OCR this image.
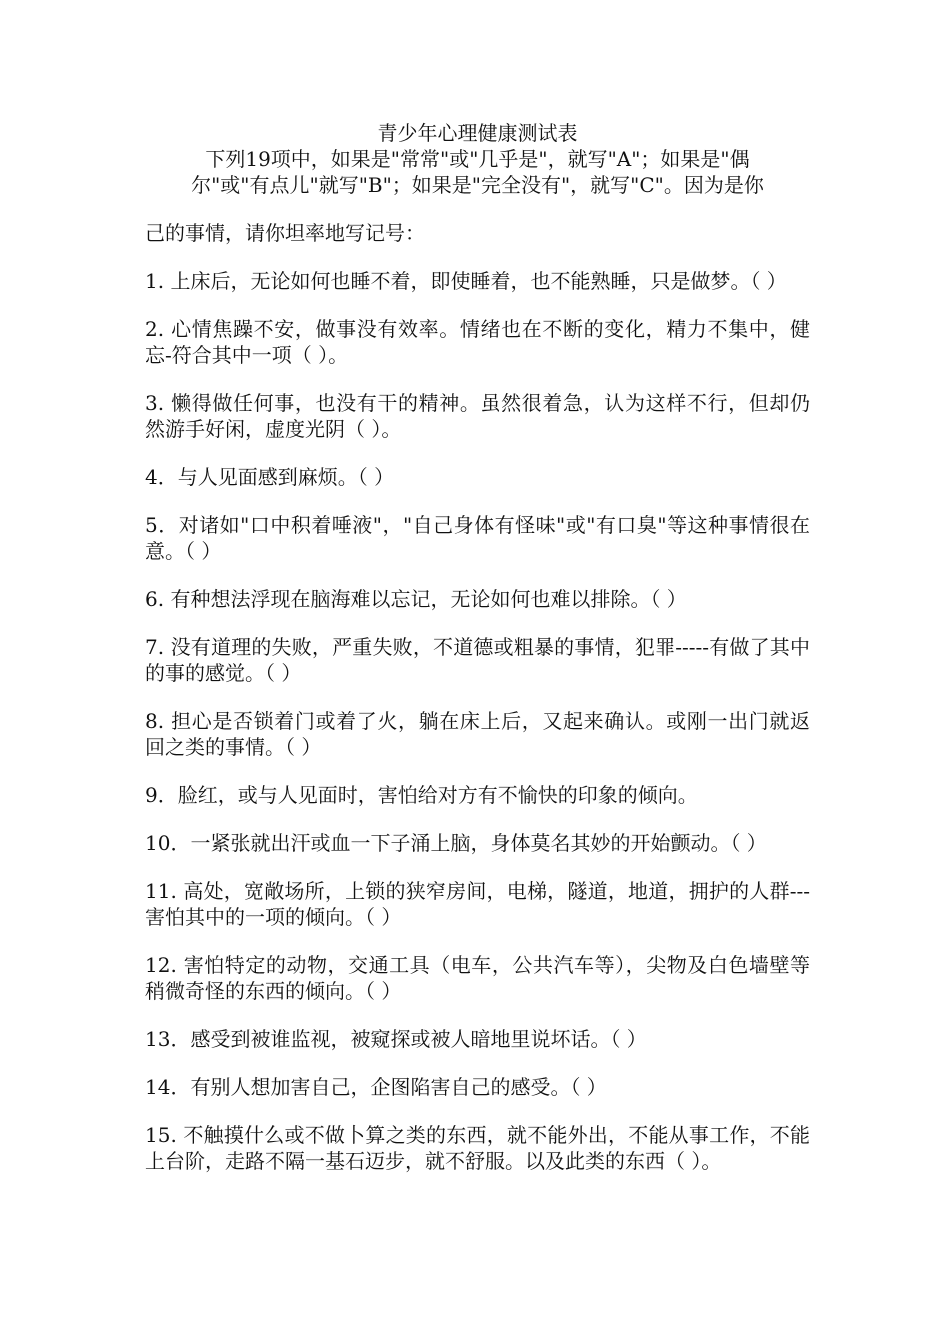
青少年心理健康测试表

下列19项中，如果是"常常"或"几乎是"，就写"A"；如果是"偶

尔"或"有点儿"就写"B"；如果是"完全没有"，就写"C"。因为是你

己的事情，请你坦率地写记号：

1. 上床后，无论如何也睡不着，即使睡着，也不能熟睡，只是做梦。（ ）

2. 心情焦躁不安，做事没有效率。情绪也在不断的变化，精力不集中，健忘-符合其中一项（ ）。

3. 懒得做任何事，也没有干的精神。虽然很着急，认为这样不行，但却仍然游手好闲，虚度光阴（ ）。

4．与人见面感到麻烦。（ ）

5．对诸如"口中积着唾液"，"自己身体有怪味"或"有口臭"等这种事情很在意。（ ）

6. 有种想法浮现在脑海难以忘记，无论如何也难以排除。（ ）

7. 没有道理的失败，严重失败，不道德或粗暴的事情，犯罪-----有做了其中的事的感觉。（ ）

8. 担心是否锁着门或着了火，躺在床上后，又起来确认。或刚一出门就返回之类的事情。（ ）

9．脸红，或与人见面时，害怕给对方有不愉快的印象的倾向。

10．一紧张就出汗或血一下子涌上脑，身体莫名其妙的开始颤动。（ ）

11. 高处，宽敞场所，上锁的狭窄房间，电梯，隧道，地道，拥护的人群---害怕其中的一项的倾向。（ ）

12. 害怕特定的动物，交通工具（电车，公共汽车等），尖物及白色墙壁等稍微奇怪的东西的倾向。（ ）

13．感受到被谁监视，被窥探或被人暗地里说坏话。（ ）

14．有别人想加害自己，企图陷害自己的感受。（ ）

15. 不触摸什么或不做卜算之类的东西，就不能外出，不能从事工作，不能上台阶，走路不隔一基石迈步，就不舒服。以及此类的东西（ ）。
